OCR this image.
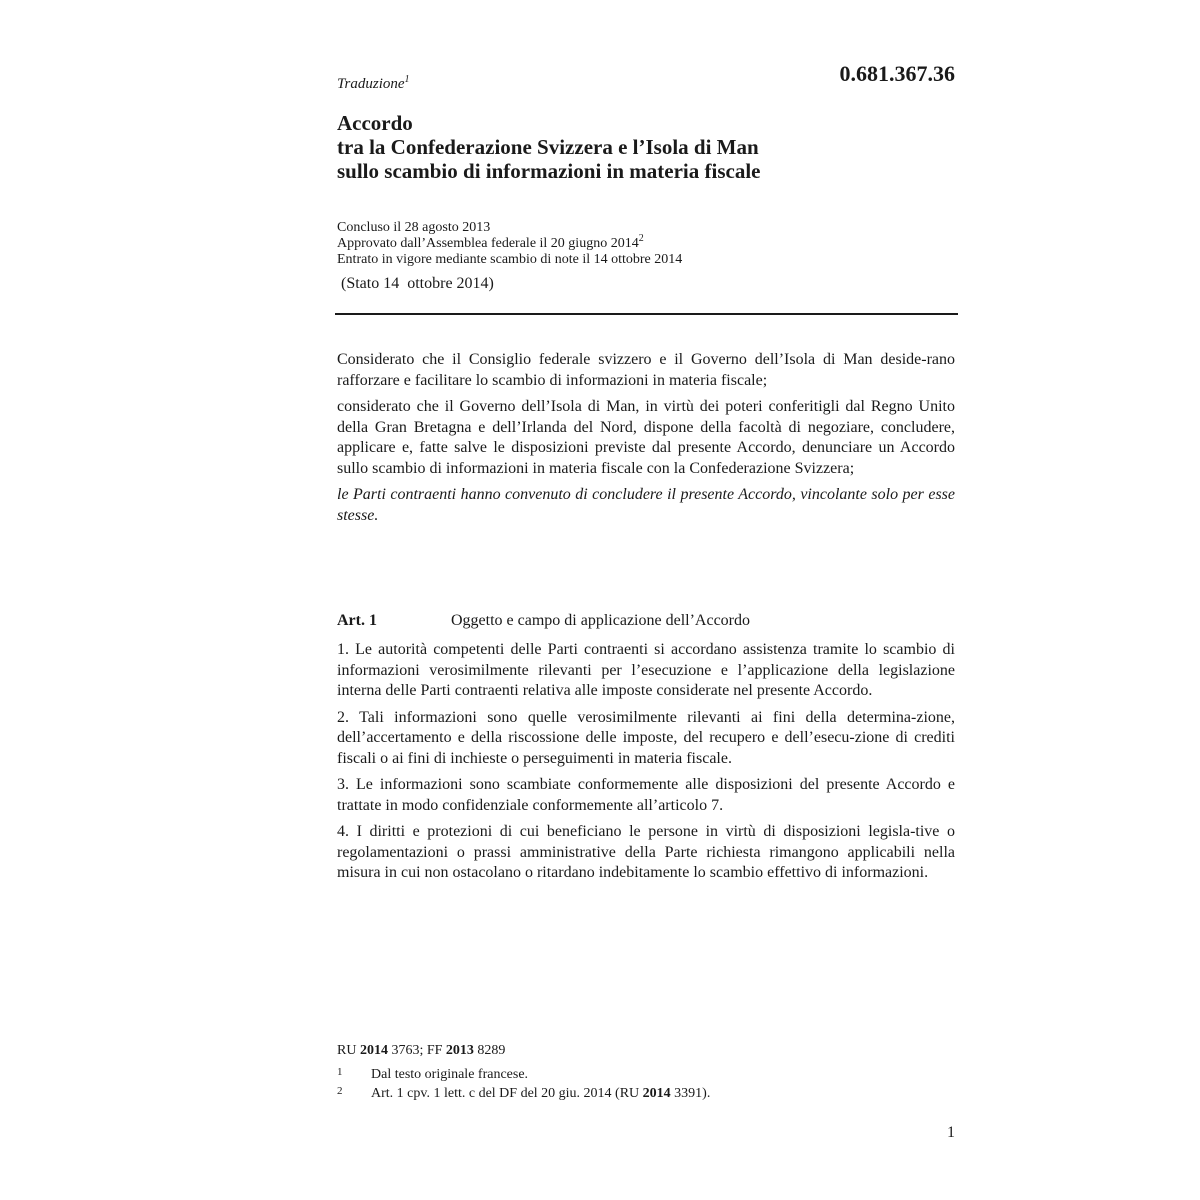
Traduzione$^1$	0.681.367.36
Accordo
tra la Confederazione Svizzera e l’Isola di Man
sullo scambio di informazioni in materia fiscale
Concluso il 28 agosto 2013
Approvato dall’Assemblea federale il 20 giugno 2014$^2$
Entrato in vigore mediante scambio di note il 14 ottobre 2014
(Stato 14  ottobre 2014)

Considerato che il Consiglio federale svizzero e il Governo dell’Isola di Man deside-rano rafforzare e facilitare lo scambio di informazioni in materia fiscale;

considerato che il Governo dell’Isola di Man, in virtù dei poteri conferitigli dal Regno Unito della Gran Bretagna e dell’Irlanda del Nord, dispone della facoltà di negoziare, concludere, applicare e, fatte salve le disposizioni previste dal presente Accordo, denunciare un Accordo sullo scambio di informazioni in materia fiscale con la Confederazione Svizzera;

le Parti contraenti hanno convenuto di concludere il presente Accordo, vincolante solo per esse stesse.

Art. 1	Oggetto e campo di applicazione dell’Accordo

1. Le autorità competenti delle Parti contraenti si accordano assistenza tramite lo scambio di informazioni verosimilmente rilevanti per l’esecuzione e l’applicazione della legislazione interna delle Parti contraenti relativa alle imposte considerate nel presente Accordo.

2. Tali informazioni sono quelle verosimilmente rilevanti ai fini della determina-zione, dell’accertamento e della riscossione delle imposte, del recupero e dell’esecu-zione di crediti fiscali o ai fini di inchieste o perseguimenti in materia fiscale.

3. Le informazioni sono scambiate conformemente alle disposizioni del presente Accordo e trattate in modo confidenziale conformemente all’articolo 7.

4. I diritti e protezioni di cui beneficiano le persone in virtù di disposizioni legisla-tive o regolamentazioni o prassi amministrative della Parte richiesta rimangono applicabili nella misura in cui non ostacolano o ritardano indebitamente lo scambio effettivo di informazioni.

RU 2014 3763; FF 2013 8289
1 Dal testo originale francese.
2 Art. 1 cpv. 1 lett. c del DF del 20 giu. 2014 (RU 2014 3391).
1
